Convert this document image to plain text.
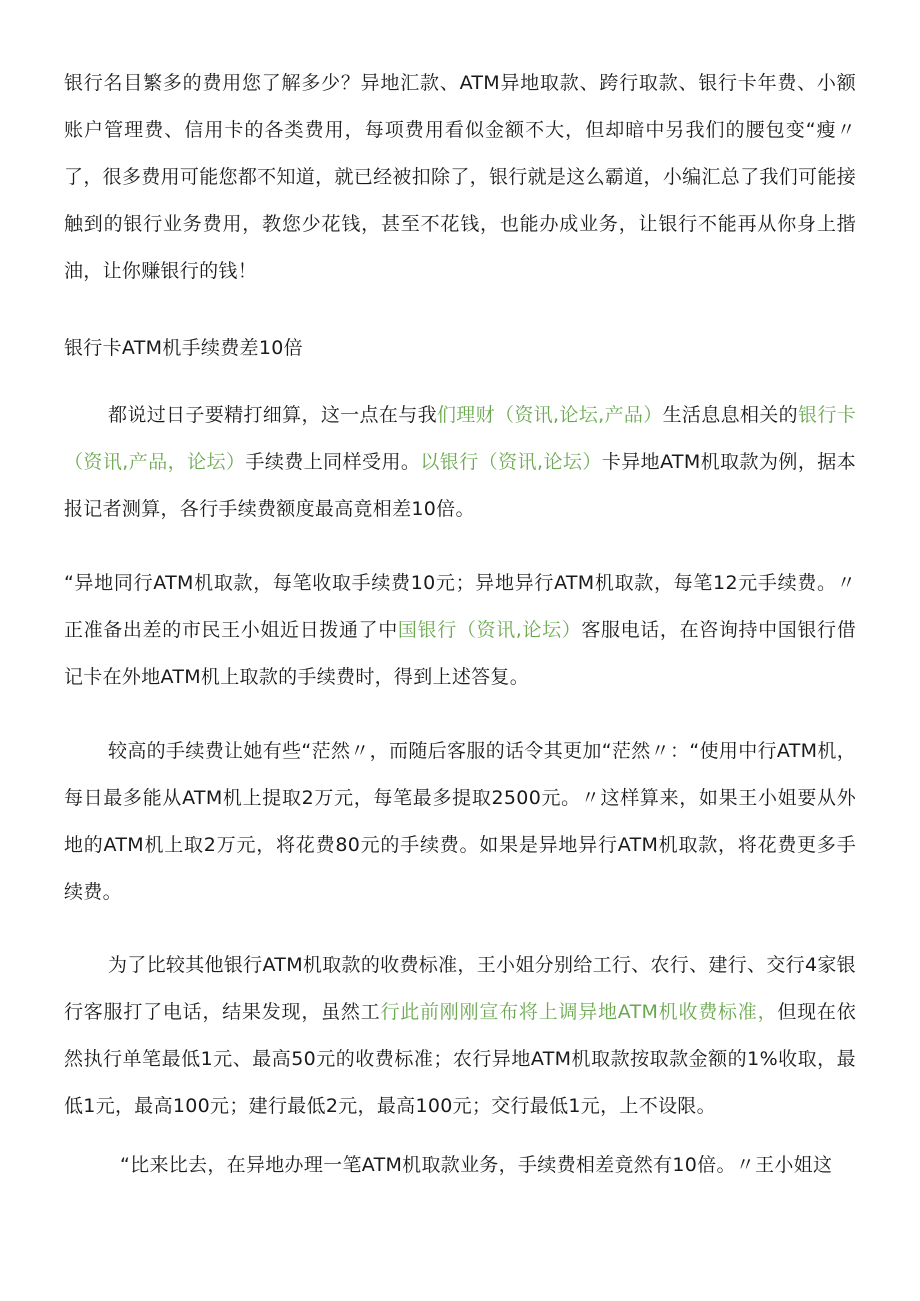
银行名目繁多的费用您了解多少？异地汇款、ATM异地取款、跨行取款、银行卡年费、小额账户管理费、信用卡的各类费用，每项费用看似金额不大，但却暗中另我们的腰包变“瘦〃了，很多费用可能您都不知道，就已经被扣除了，银行就是这么霸道，小编汇总了我们可能接触到的银行业务费用，教您少花钱，甚至不花钱，也能办成业务，让银行不能再从你身上揩油，让你赚银行的钱！

银行卡ATM机手续费差10倍

都说过日子要精打细算，这一点在与我们理财（资讯,论坛,产品）生活息息相关的银行卡（资讯,产品，论坛）手续费上同样受用。以银行（资讯,论坛）卡异地ATM机取款为例，据本报记者测算，各行手续费额度最高竟相差10倍。

“异地同行ATM机取款，每笔收取手续费10元；异地异行ATM机取款，每笔12元手续费。〃正准备出差的市民王小姐近日拨通了中国银行（资讯,论坛）客服电话，在咨询持中国银行借记卡在外地ATM机上取款的手续费时，得到上述答复。

较高的手续费让她有些“茫然〃，而随后客服的话令其更加“茫然〃：“使用中行ATM机，每日最多能从ATM机上提取2万元，每笔最多提取2500元。〃这样算来，如果王小姐要从外地的ATM机上取2万元，将花费80元的手续费。如果是异地异行ATM机取款，将花费更多手续费。

为了比较其他银行ATM机取款的收费标准，王小姐分别给工行、农行、建行、交行4家银行客服打了电话，结果发现，虽然工行此前刚刚宣布将上调异地ATM机收费标准，但现在依然执行单笔最低1元、最高50元的收费标准；农行异地ATM机取款按取款金额的1%收取，最低1元，最高100元；建行最低2元，最高100元；交行最低1元，上不设限。

“比来比去，在异地办理一笔ATM机取款业务，手续费相差竟然有10倍。〃王小姐这
